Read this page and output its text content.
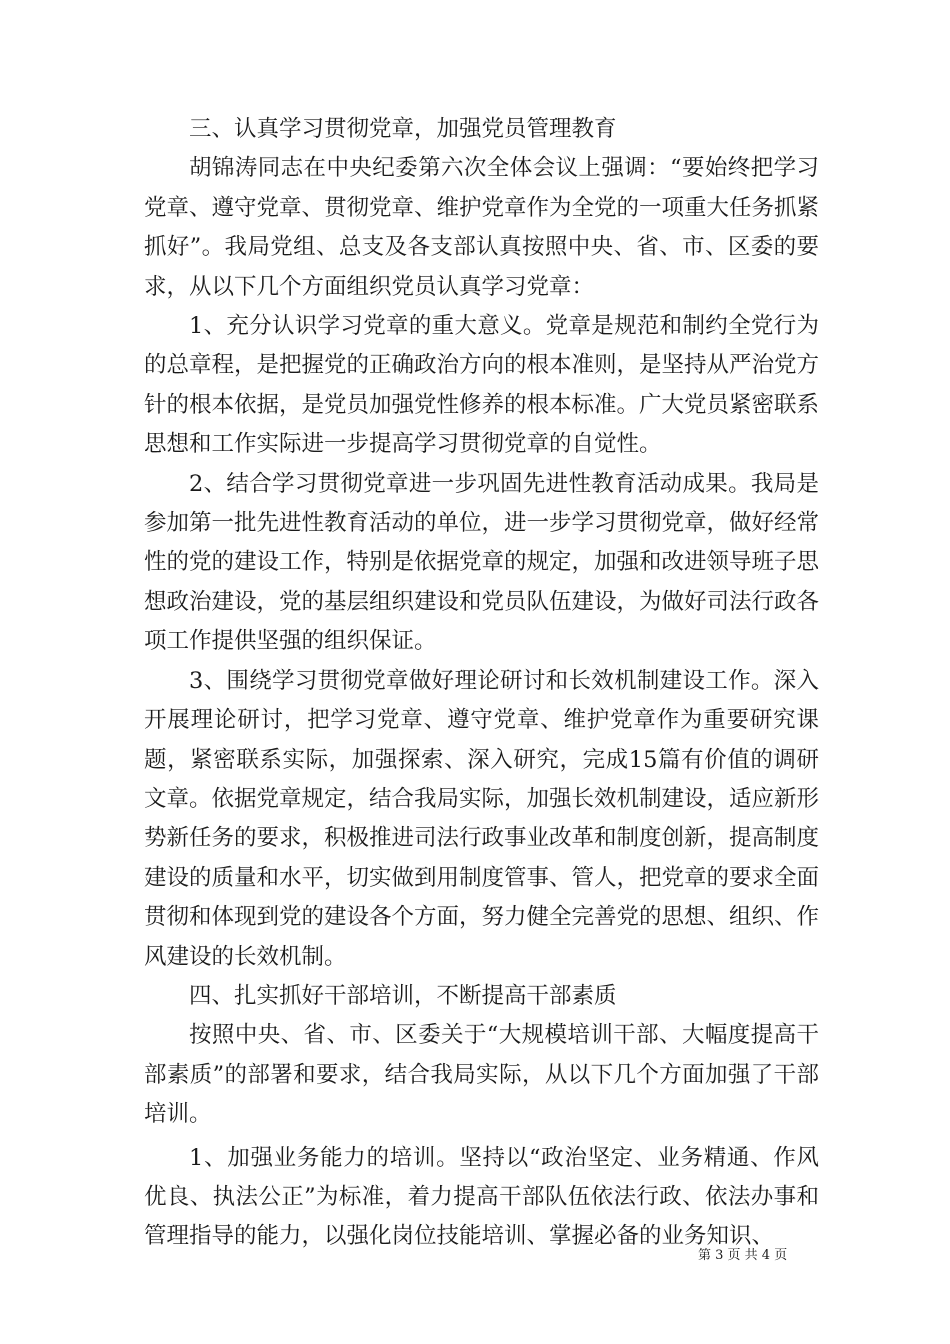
三、认真学习贯彻党章，加强党员管理教育

胡锦涛同志在中央纪委第六次全体会议上强调：“要始终把学习党章、遵守党章、贯彻党章、维护党章作为全党的一项重大任务抓紧抓好”。我局党组、总支及各支部认真按照中央、省、市、区委的要求，从以下几个方面组织党员认真学习党章：

1、充分认识学习党章的重大意义。党章是规范和制约全党行为的总章程，是把握党的正确政治方向的根本准则，是坚持从严治党方针的根本依据，是党员加强党性修养的根本标准。广大党员紧密联系思想和工作实际进一步提高学习贯彻党章的自觉性。

2、结合学习贯彻党章进一步巩固先进性教育活动成果。我局是参加第一批先进性教育活动的单位，进一步学习贯彻党章，做好经常性的党的建设工作，特别是依据党章的规定，加强和改进领导班子思想政治建设，党的基层组织建设和党员队伍建设，为做好司法行政各项工作提供坚强的组织保证。

3、围绕学习贯彻党章做好理论研讨和长效机制建设工作。深入开展理论研讨，把学习党章、遵守党章、维护党章作为重要研究课题，紧密联系实际，加强探索、深入研究，完成15篇有价值的调研文章。依据党章规定，结合我局实际，加强长效机制建设，适应新形势新任务的要求，积极推进司法行政事业改革和制度创新，提高制度建设的质量和水平，切实做到用制度管事、管人，把党章的要求全面贯彻和体现到党的建设各个方面，努力健全完善党的思想、组织、作风建设的长效机制。

四、扎实抓好干部培训，不断提高干部素质

按照中央、省、市、区委关于“大规模培训干部、大幅度提高干部素质”的部署和要求，结合我局实际，从以下几个方面加强了干部培训。

1、加强业务能力的培训。坚持以“政治坚定、业务精通、作风优良、执法公正”为标准，着力提高干部队伍依法行政、依法办事和管理指导的能力，以强化岗位技能培训、掌握必备的业务知识、

第 3 页 共 4 页
